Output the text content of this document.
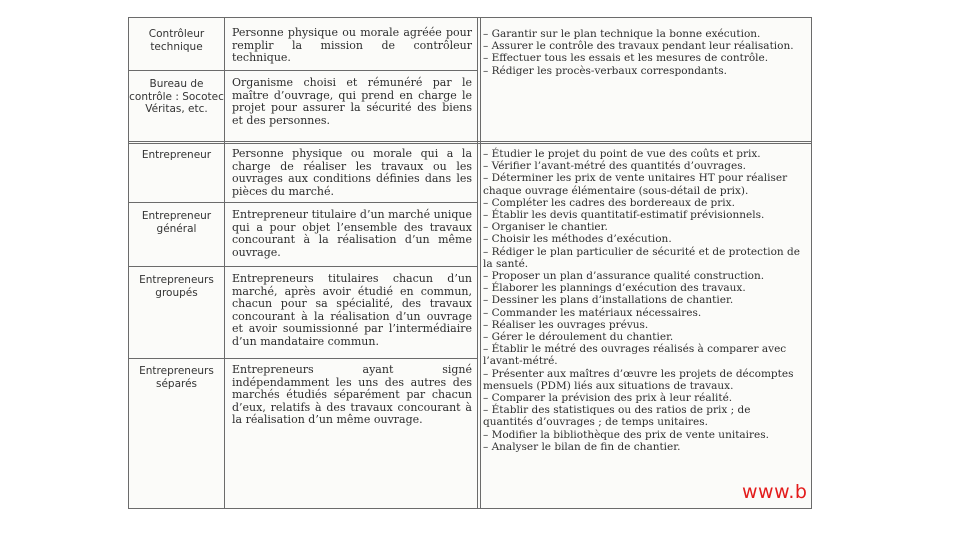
Contrôleur technique
Bureau de contrôle : Socotec Véritas, etc.
Entrepreneur
Entrepreneur général
Entrepreneurs groupés
Entrepreneurs séparés
Personne physique ou morale agréée pour remplir la mission de contrôleur technique.
Organisme choisi et rémunéré par le maître d’ouvrage, qui prend en charge le projet pour assurer la sécurité des biens et des personnes.
Personne physique ou morale qui a la charge de réaliser les travaux ou les ouvrages aux conditions définies dans les pièces du marché.
Entrepreneur titulaire d’un marché unique qui a pour objet l’ensemble des travaux concourant à la réalisation d’un même ouvrage.
Entrepreneurs titulaires chacun d’un marché, après avoir étudié en commun, chacun pour sa spécialité, des travaux concourant à la réalisation d’un ouvrage et avoir soumissionné par l’intermédiaire d’un mandataire commun.
Entrepreneurs ayant signé indépendamment les uns des autres des marchés étudiés séparément par chacun d’eux, relatifs à des travaux concourant à la réalisation d’un même ouvrage.
– Garantir sur le plan technique la bonne exécution.
– Assurer le contrôle des travaux pendant leur réalisation.
– Effectuer tous les essais et les mesures de contrôle.
– Rédiger les procès-verbaux correspondants.
– Étudier le projet du point de vue des coûts et prix.
– Vérifier l’avant-métré des quantités d’ouvrages.
– Déterminer les prix de vente unitaires HT pour réaliser chaque ouvrage élémentaire (sous-détail de prix).
– Compléter les cadres des bordereaux de prix.
– Établir les devis quantitatif-estimatif prévisionnels.
– Organiser le chantier.
– Choisir les méthodes d’exécution.
– Rédiger le plan particulier de sécurité et de protection de la santé.
– Proposer un plan d’assurance qualité construction.
– Élaborer les plannings d’exécution des travaux.
– Dessiner les plans d’installations de chantier.
– Commander les matériaux nécessaires.
– Réaliser les ouvrages prévus.
– Gérer le déroulement du chantier.
– Établir le métré des ouvrages réalisés à comparer avec l’avant-métré.
– Présenter aux maîtres d’œuvre les projets de décomptes mensuels (PDM) liés aux situations de travaux.
– Comparer la prévision des prix à leur réalité.
– Établir des statistiques ou des ratios de prix ; de quantités d’ouvrages ; de temps unitaires.
– Modifier la bibliothèque des prix de vente unitaires.
– Analyser le bilan de fin de chantier.
www.b
